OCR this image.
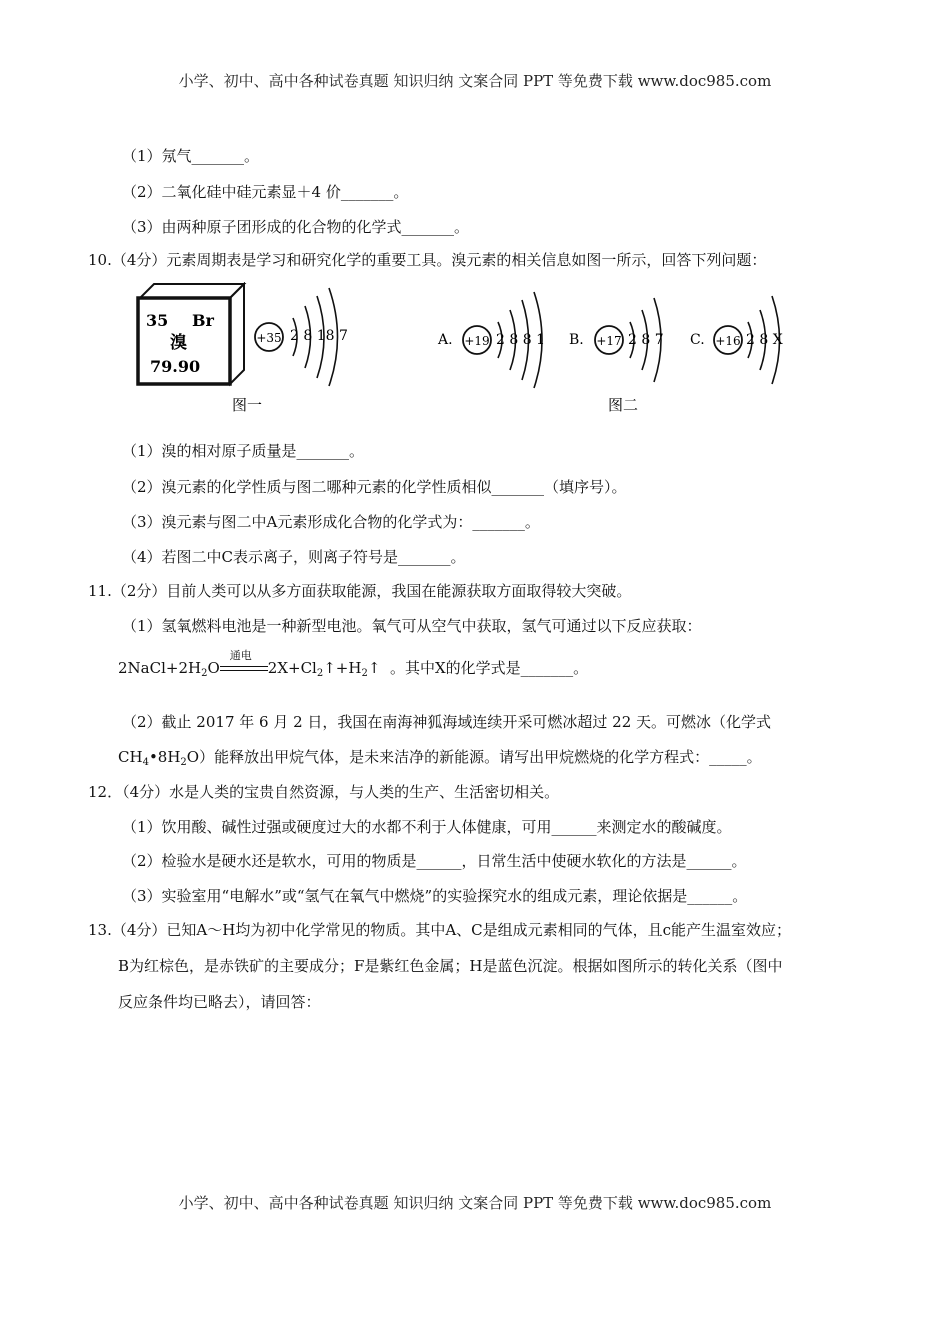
小学、初中、高中各种试卷真题 知识归纳 文案合同 PPT 等免费下载 www.doc985.com
（1）氖气_______。
（2）二氧化硅中硅元素显＋4 价_______。
（3）由两种原子团形成的化合物的化学式_______。
10.（4分）元素周期表是学习和研究化学的重要工具。溴元素的相关信息如图一所示，回答下列问题：
35 Br
溴
79.90
+35 2 8 18 7	A. +19 2 8 8 1 B. +17 2 8 7 C. +16 2 8 X
图一	图二
（1）溴的相对原子质量是_______。
（2）溴元素的化学性质与图二哪种元素的化学性质相似_______（填序号）。
（3）溴元素与图二中A元素形成化合物的化学式为：_______。
（4）若图二中C表示离子，则离子符号是_______。
11.（2分）目前人类可以从多方面获取能源，我国在能源获取方面取得较大突破。
（1）氢氧燃料电池是一种新型电池。氧气可从空气中获取，氢气可通过以下反应获取：
$2NaCl+2H_2O$
通电
$2X+Cl_2↑+H_2↑$  。其中X的化学式是_______。
（2）截止 2017 年 6 月 2 日，我国在南海神狐海域连续开采可燃冰超过 22 天。可燃冰（化学式
$CH_4•8H_2O$）能释放出甲烷气体，是未来洁净的新能源。请写出甲烷燃烧的化学方程式：_____。
12．（4分）水是人类的宝贵自然资源，与人类的生产、生活密切相关。
（1）饮用酸、碱性过强或硬度过大的水都不利于人体健康，可用______来测定水的酸碱度。
（2）检验水是硬水还是软水，可用的物质是______，日常生活中使硬水软化的方法是______。
（3）实验室用“电解水”或“氢气在氧气中燃烧”的实验探究水的组成元素，理论依据是______。
13.（4分）已知A～H均为初中化学常见的物质。其中A、C是组成元素相同的气体，且c能产生温室效应；
B为红棕色，是赤铁矿的主要成分；F是紫红色金属；H是蓝色沉淀。根据如图所示的转化关系（图中
反应条件均已略去），请回答：
小学、初中、高中各种试卷真题 知识归纳 文案合同 PPT 等免费下载 www.doc985.com
